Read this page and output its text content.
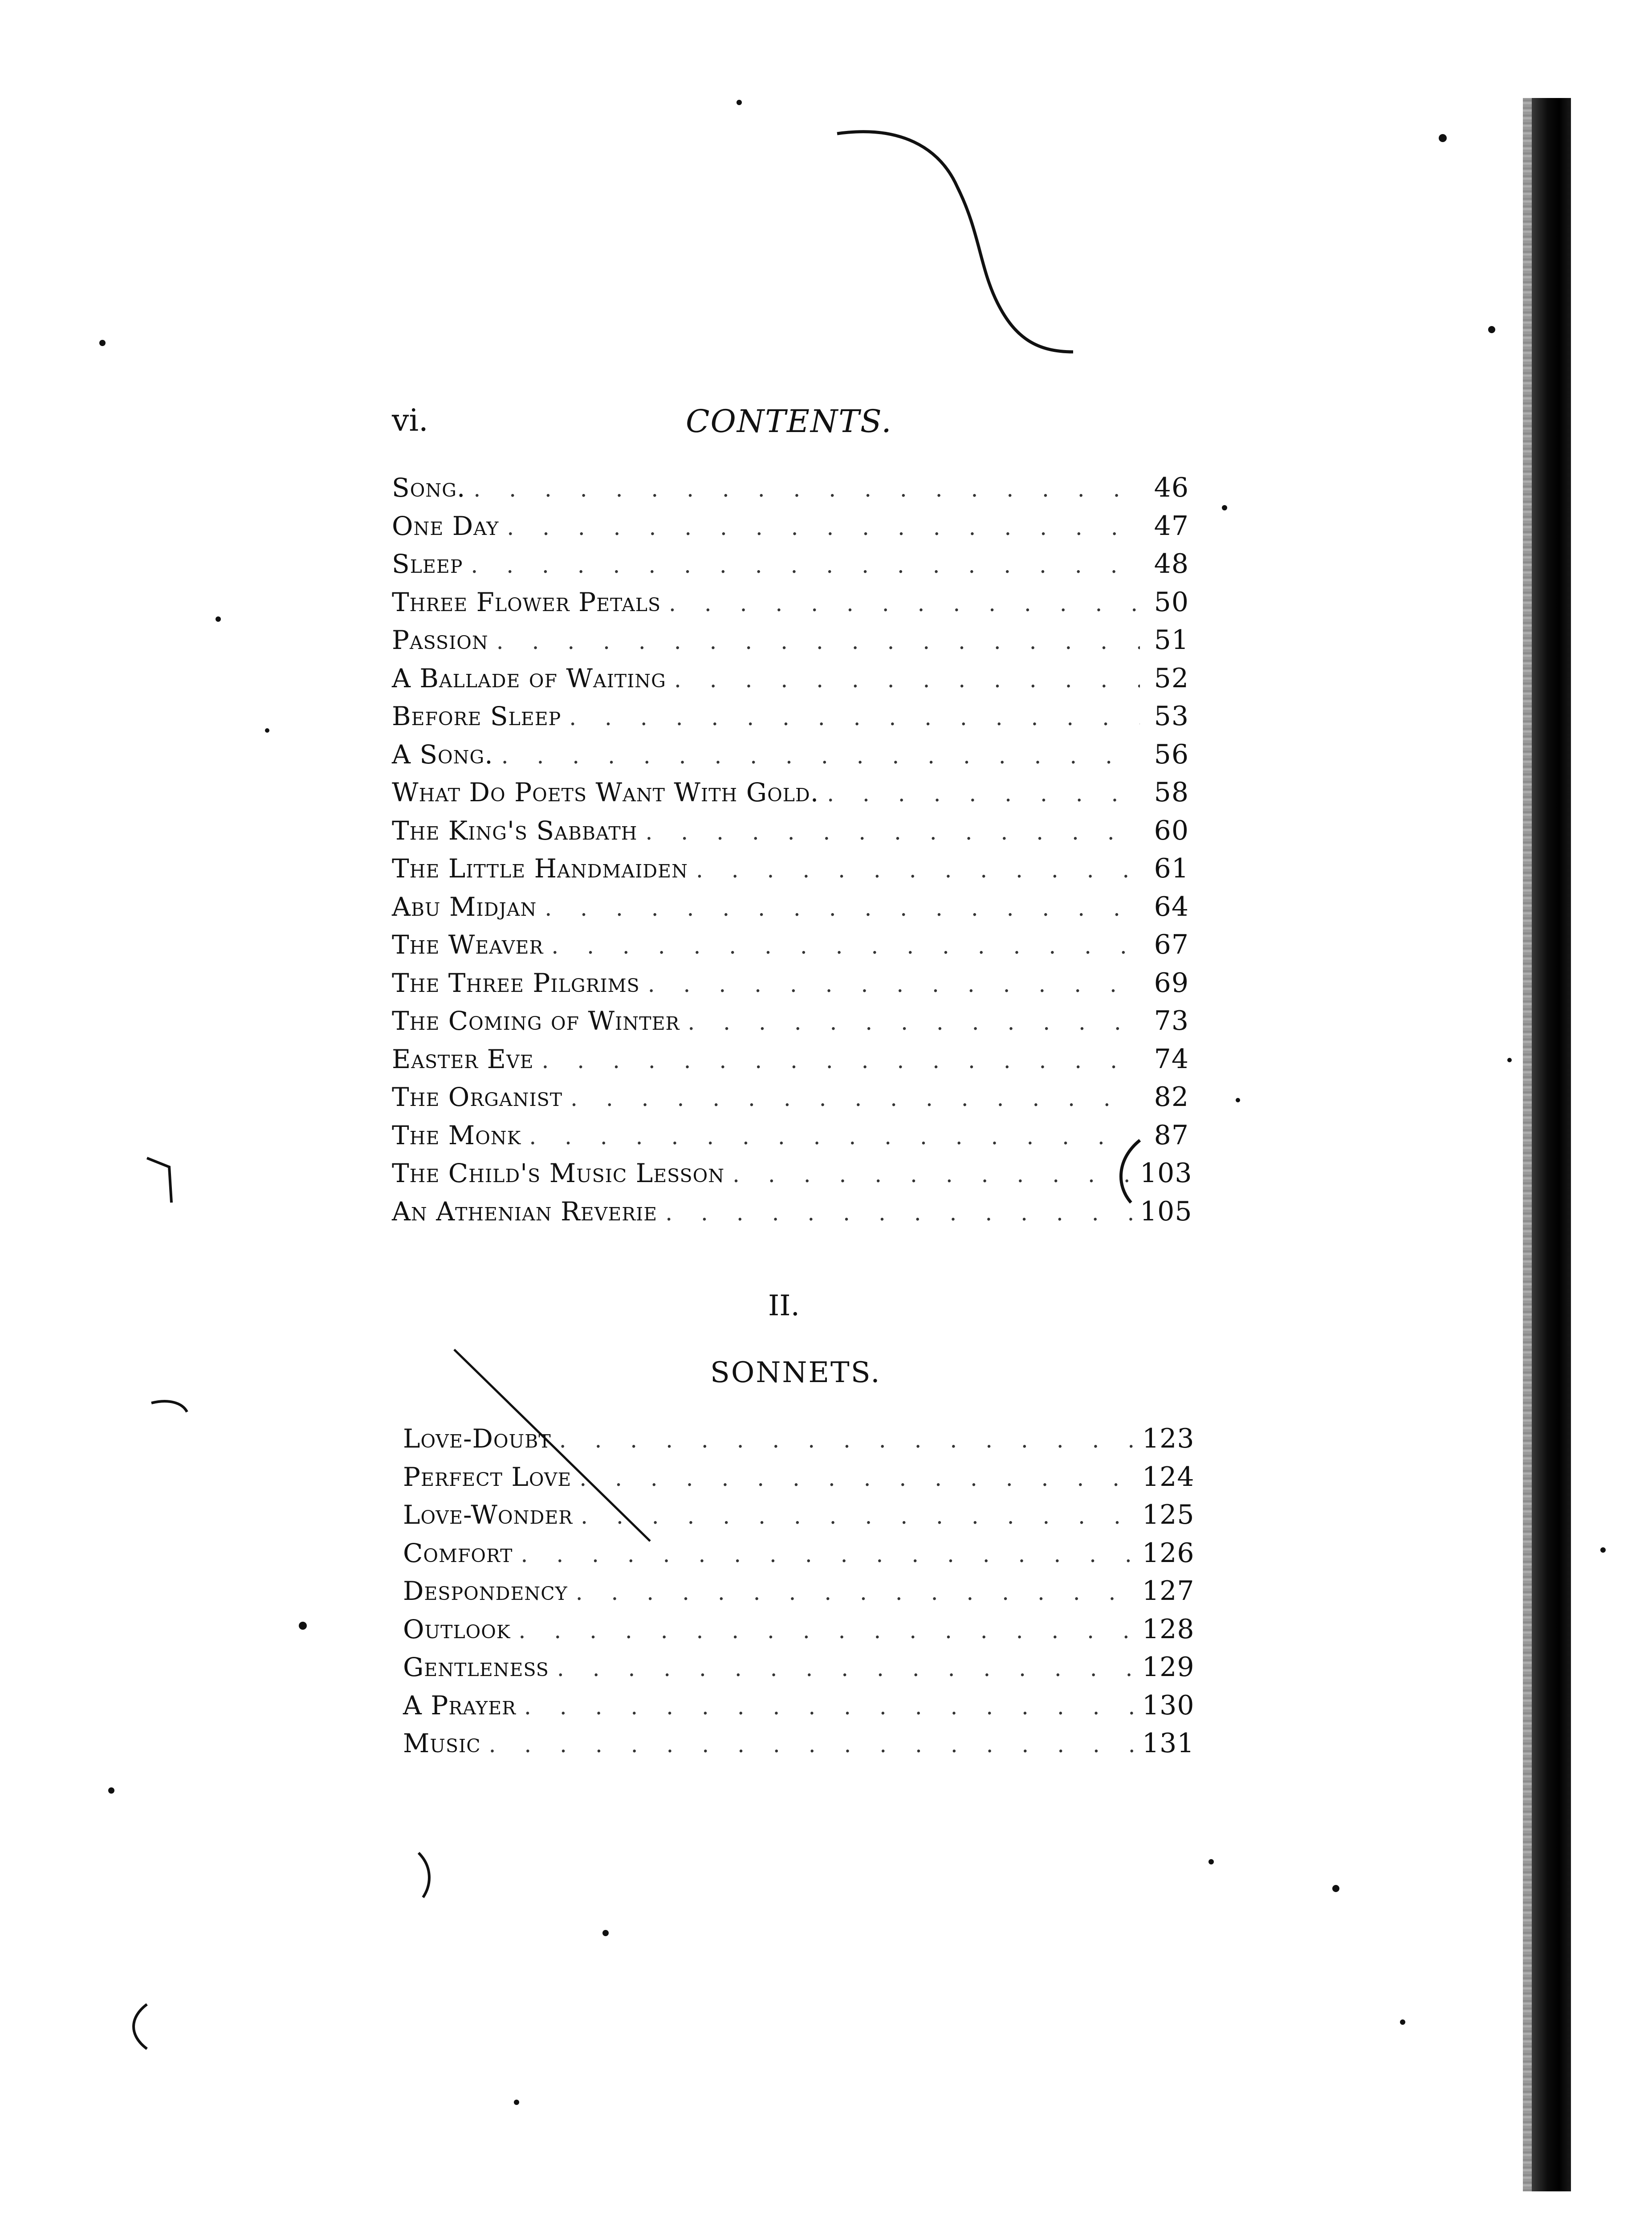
vi.	CONTENTS.
Song. . .	46
One Day . .	47
Sleep . .	48
Three Flower Petals . .	50
Passion . .	51
A Ballade of Waiting . .	52
Before Sleep . .	53
A Song. . .	56
What Do Poets Want With Gold. . .	58
The King's Sabbath . .	60
The Little Handmaiden . .	61
Abu Midjan . .	64
The Weaver . .	67
The Three Pilgrims . .	69
The Coming of Winter . .	73
Easter Eve . .	74
The Organist . .	82
The Monk . .	87
The Child's Music Lesson . .	103
An Athenian Reverie . .	105
II.
SONNETS.
Love-Doubt . .	123
Perfect Love . .	124
Love-Wonder . .	125
Comfort . .	126
Despondency . .	127
Outlook . .	128
Gentleness . .	129
A Prayer . .	130
Music . .	131
